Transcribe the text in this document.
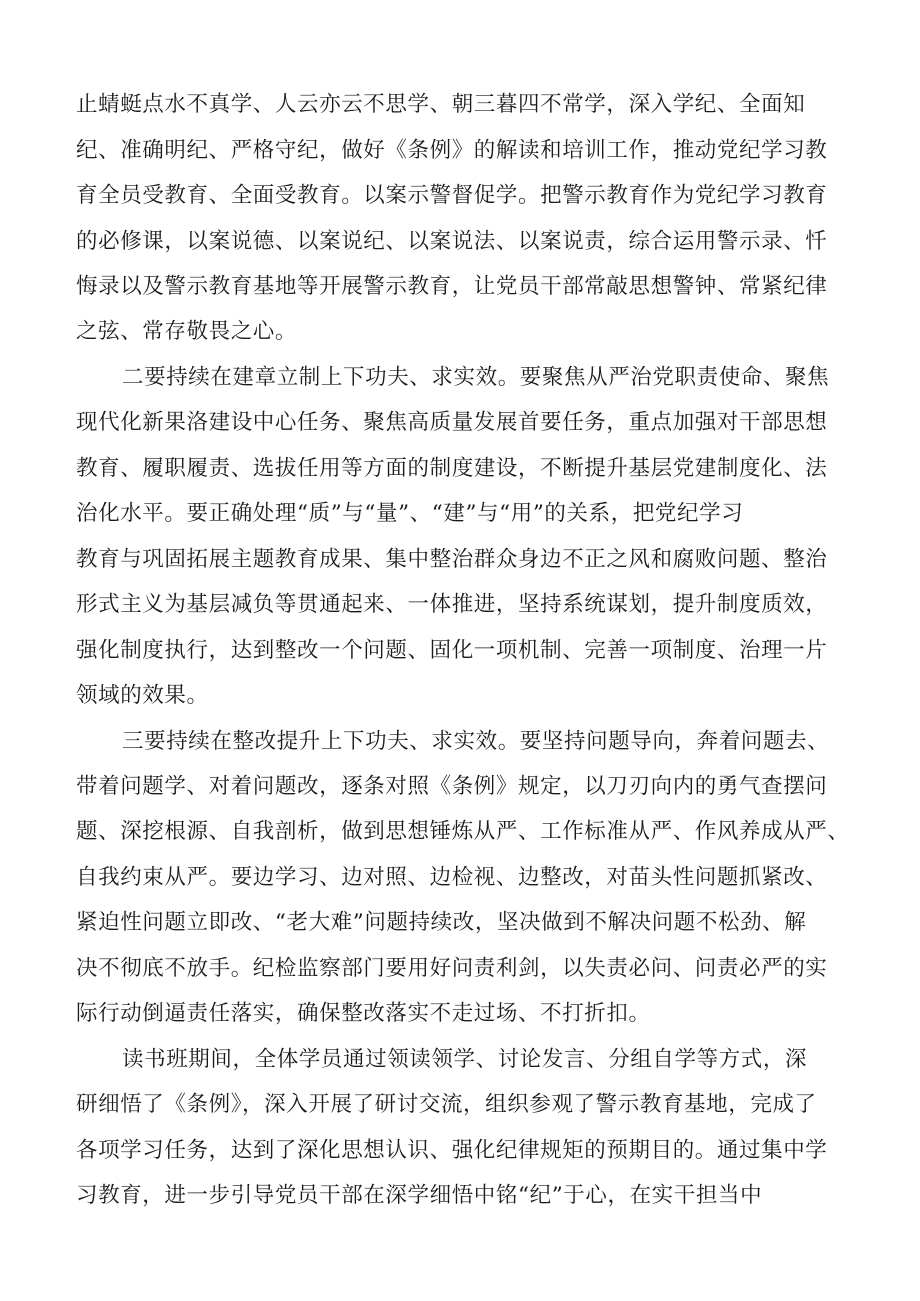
止蜻蜓点水不真学、人云亦云不思学、朝三暮四不常学，深入学纪、全面知
纪、准确明纪、严格守纪，做好《条例》的解读和培训工作，推动党纪学习教
育全员受教育、全面受教育。以案示警督促学。把警示教育作为党纪学习教育
的必修课，以案说德、以案说纪、以案说法、以案说责，综合运用警示录、忏
悔录以及警示教育基地等开展警示教育，让党员干部常敲思想警钟、常紧纪律
之弦、常存敬畏之心。
二要持续在建章立制上下功夫、求实效。要聚焦从严治党职责使命、聚焦
现代化新果洛建设中心任务、聚焦高质量发展首要任务，重点加强对干部思想
教育、履职履责、选拔任用等方面的制度建设，不断提升基层党建制度化、法
治化水平。要正确处理“质”与“量”、“建”与“用”的关系，把党纪学习
教育与巩固拓展主题教育成果、集中整治群众身边不正之风和腐败问题、整治
形式主义为基层减负等贯通起来、一体推进，坚持系统谋划，提升制度质效，
强化制度执行，达到整改一个问题、固化一项机制、完善一项制度、治理一片
领域的效果。
三要持续在整改提升上下功夫、求实效。要坚持问题导向，奔着问题去、
带着问题学、对着问题改，逐条对照《条例》规定，以刀刃向内的勇气查摆问
题、深挖根源、自我剖析，做到思想锤炼从严、工作标准从严、作风养成从严、
自我约束从严。要边学习、边对照、边检视、边整改，对苗头性问题抓紧改、
紧迫性问题立即改、“老大难”问题持续改，坚决做到不解决问题不松劲、解
决不彻底不放手。纪检监察部门要用好问责利剑，以失责必问、问责必严的实
际行动倒逼责任落实，确保整改落实不走过场、不打折扣。
读书班期间，全体学员通过领读领学、讨论发言、分组自学等方式，深
研细悟了《条例》，深入开展了研讨交流，组织参观了警示教育基地，完成了
各项学习任务，达到了深化思想认识、强化纪律规矩的预期目的。通过集中学
习教育，进一步引导党员干部在深学细悟中铭“纪”于心，在实干担当中
